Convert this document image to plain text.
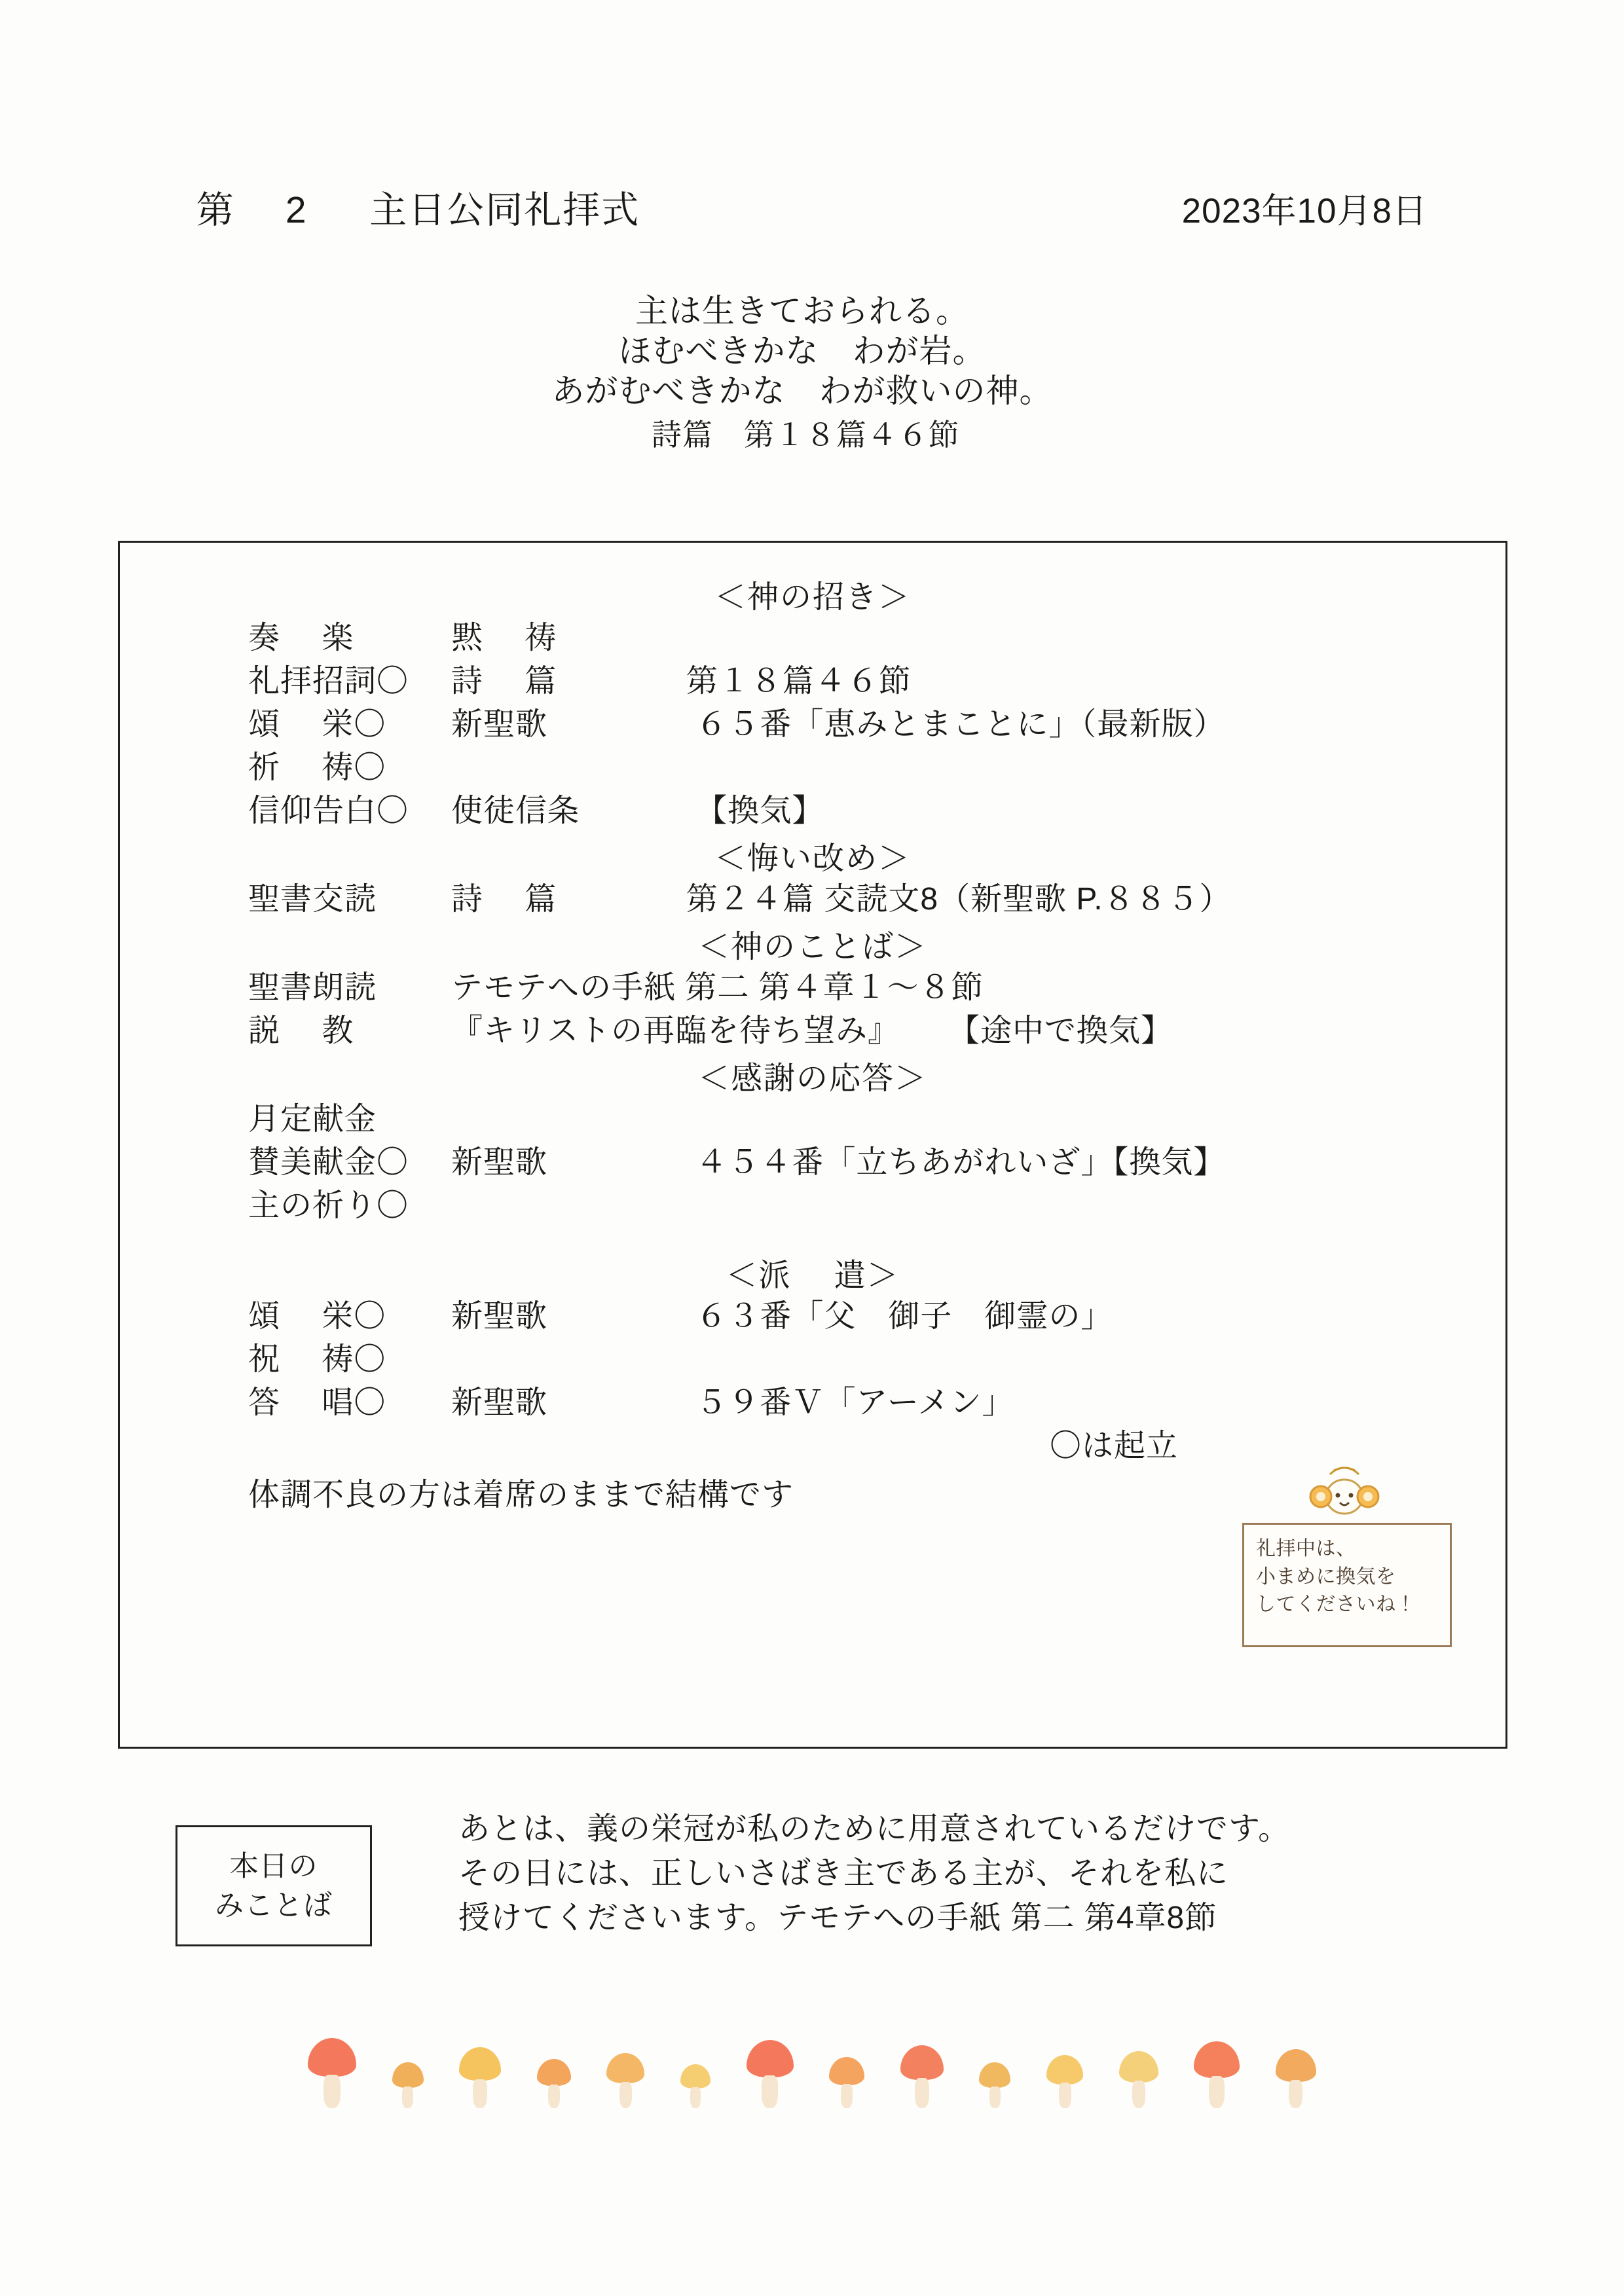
第　 2 　 主日公同礼拝式	2023年10月8日
主は生きておられる。
ほむべきかな　わが岩。
あがむべきかな　わが救いの神。
詩篇　第１８篇４６節
＜神の招き＞
奏　 楽	黙　 祷
礼拝招詞〇	詩　 篇	　第１８篇４６節
頌　 栄〇	新聖歌	　 ６５番「恵みとまことに」（最新版）
祈　 祷〇
信仰告白〇	使徒信条	　 【換気】
＜悔い改め＞
聖書交読	詩　 篇	　第２４篇 交読文8（新聖歌 P.８８５）
＜神のことば＞
聖書朗読	テモテへの手紙 第二 第４章１～８節
説　 教	『キリストの再臨を待ち望み』 　　【途中で換気】
＜感謝の応答＞
月定献金
賛美献金〇	新聖歌	　 ４５４番「立ちあがれいざ」【換気】
主の祈り〇
＜派　 遣＞
頌　 栄〇	新聖歌	　 ６３番「父　御子　御霊の」
祝　 祷〇
答　 唱〇	新聖歌	　 ５９番Ｖ「アーメン」
〇は起立
体調不良の方は着席のままで結構です
礼拝中は、
小まめに換気を
してくださいね！
本日の
みことば
あとは、義の栄冠が私のために用意されているだけです。
その日には、正しいさばき主である主が、それを私に
授けてくださいます。テモテへの手紙 第二 第4章8節
